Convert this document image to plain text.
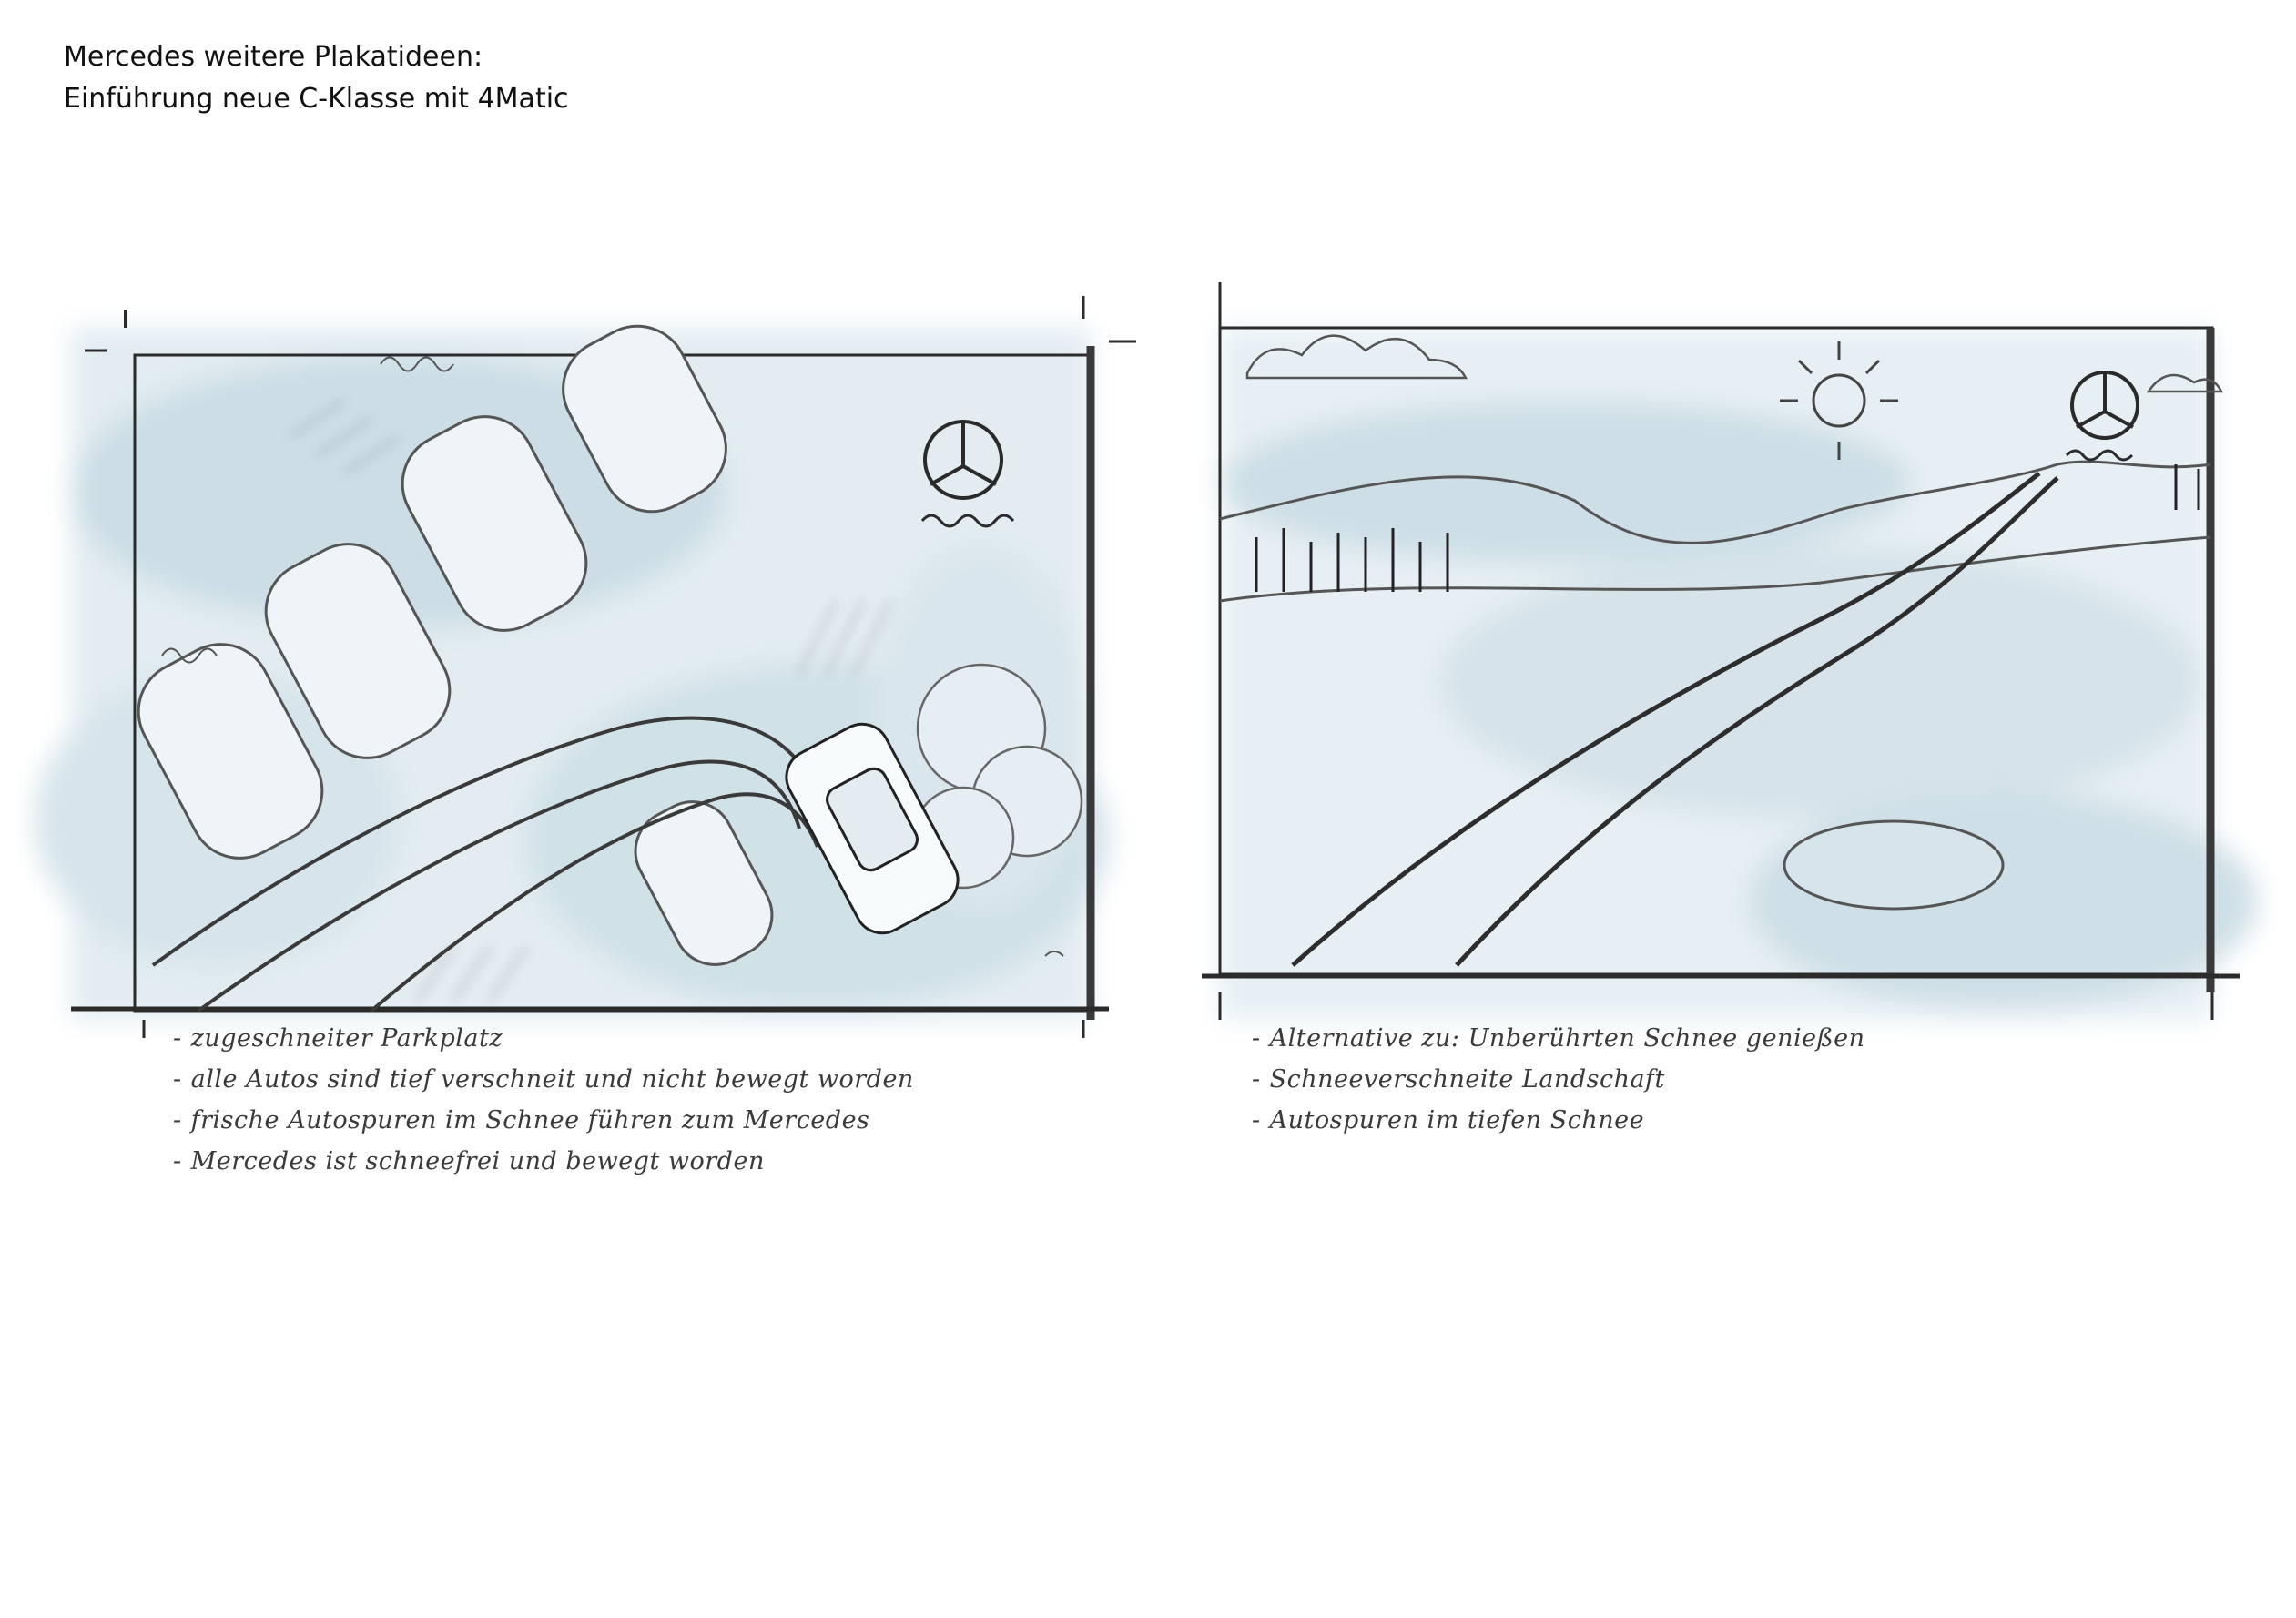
Mercedes weitere Plakatideen:
Einführung neue C-Klasse mit 4Matic
- zugeschneiter Parkplatz
- alle Autos sind tief verschneit und nicht bewegt worden
- frische Autospuren im Schnee führen zum Mercedes
- Mercedes ist schneefrei und bewegt worden
- Alternative zu: Unberührten Schnee genießen
- Schneeverschneite Landschaft
- Autospuren im tiefen Schnee
